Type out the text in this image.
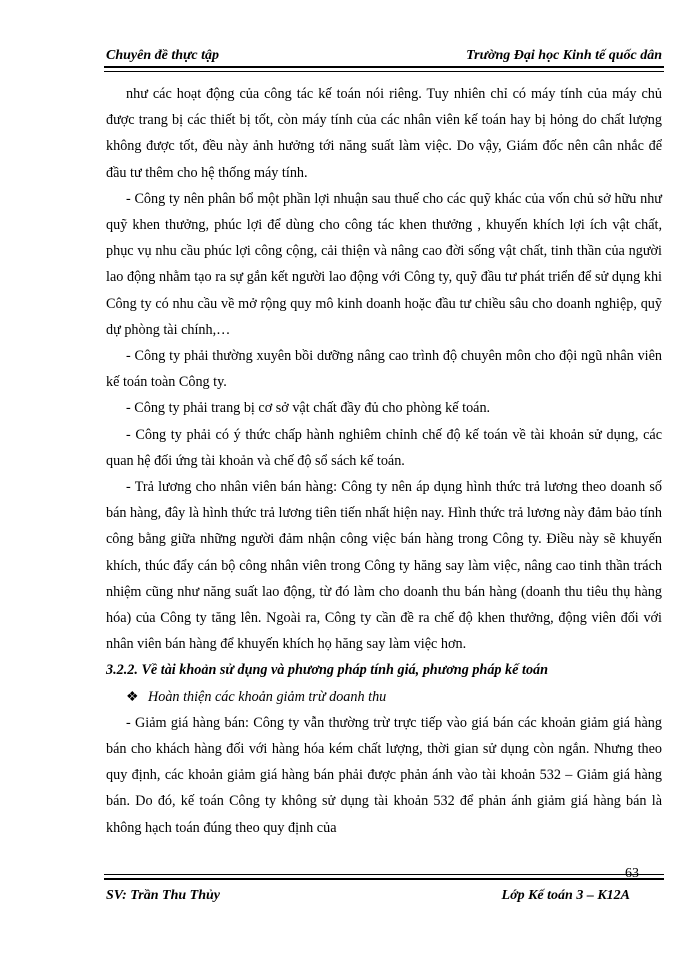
Chuyên đề thực tập	Trường Đại học Kinh tế quốc dân

như các hoạt động của công tác kế toán nói riêng. Tuy nhiên chỉ có máy tính của máy chủ được trang bị các thiết bị tốt, còn máy tính của các nhân viên kế toán hay bị hỏng do chất lượng không được tốt, đều này ảnh hưởng tới năng suất làm việc. Do vậy, Giám đốc nên cân nhắc để đầu tư thêm cho hệ thống máy tính.

- Công ty nên phân bổ một phần lợi nhuận sau thuế cho các quỹ khác của vốn chủ sở hữu như quỹ khen thưởng, phúc lợi để dùng cho công tác khen thưởng , khuyến khích lợi ích vật chất, phục vụ nhu cầu phúc lợi công cộng, cải thiện và nâng cao đời sống vật chất, tinh thần của người lao động nhằm tạo ra sự gắn kết người lao động với Công ty, quỹ đầu tư phát triển để sử dụng khi Công ty có nhu cầu về mở rộng quy mô kinh doanh hoặc đầu tư chiều sâu cho doanh nghiệp, quỹ dự phòng tài chính,…

- Công ty phải thường xuyên bồi dưỡng nâng cao trình độ chuyên môn cho đội ngũ nhân viên kế toán toàn Công ty.

- Công ty phải trang bị cơ sở vật chất đầy đủ cho phòng kế toán.

- Công ty phải có ý thức chấp hành nghiêm chỉnh chế độ kế toán về tài khoản sử dụng, các quan hệ đối ứng tài khoản và chế độ sổ sách kế toán.

- Trả lương cho nhân viên bán hàng: Công ty nên áp dụng hình thức trả lương theo doanh số bán hàng, đây là hình thức trả lương tiên tiến nhất hiện nay. Hình thức trả lương này đảm bảo tính công bằng giữa những người đảm nhận công việc bán hàng trong Công ty. Điều này sẽ khuyến khích, thúc đẩy cán bộ công nhân viên trong Công ty hăng say làm việc, nâng cao tinh thần trách nhiệm cũng như năng suất lao động, từ đó làm cho doanh thu bán hàng (doanh thu tiêu thụ hàng hóa) của Công ty tăng lên. Ngoài ra, Công ty cần đề ra chế độ khen thưởng, động viên đối với nhân viên bán hàng để khuyến khích họ hăng say làm việc hơn.

3.2.2. Về tài khoản sử dụng và phương pháp tính giá, phương pháp kế toán

❖ Hoàn thiện các khoản giảm trừ doanh thu

- Giảm giá hàng bán: Công ty vẫn thường trừ trực tiếp vào giá bán các khoản giảm giá hàng bán cho khách hàng đối với hàng hóa kém chất lượng, thời gian sử dụng còn ngắn. Nhưng theo quy định, các khoản giảm giá hàng bán phải được phản ánh vào tài khoản 532 – Giảm giá hàng bán. Do đó, kế toán Công ty không sử dụng tài khoản 532 để phản ánh giảm giá hàng bán là không hạch toán đúng theo quy định của

63
SV: Trần Thu Thủy	Lớp Kế toán 3 – K12A
